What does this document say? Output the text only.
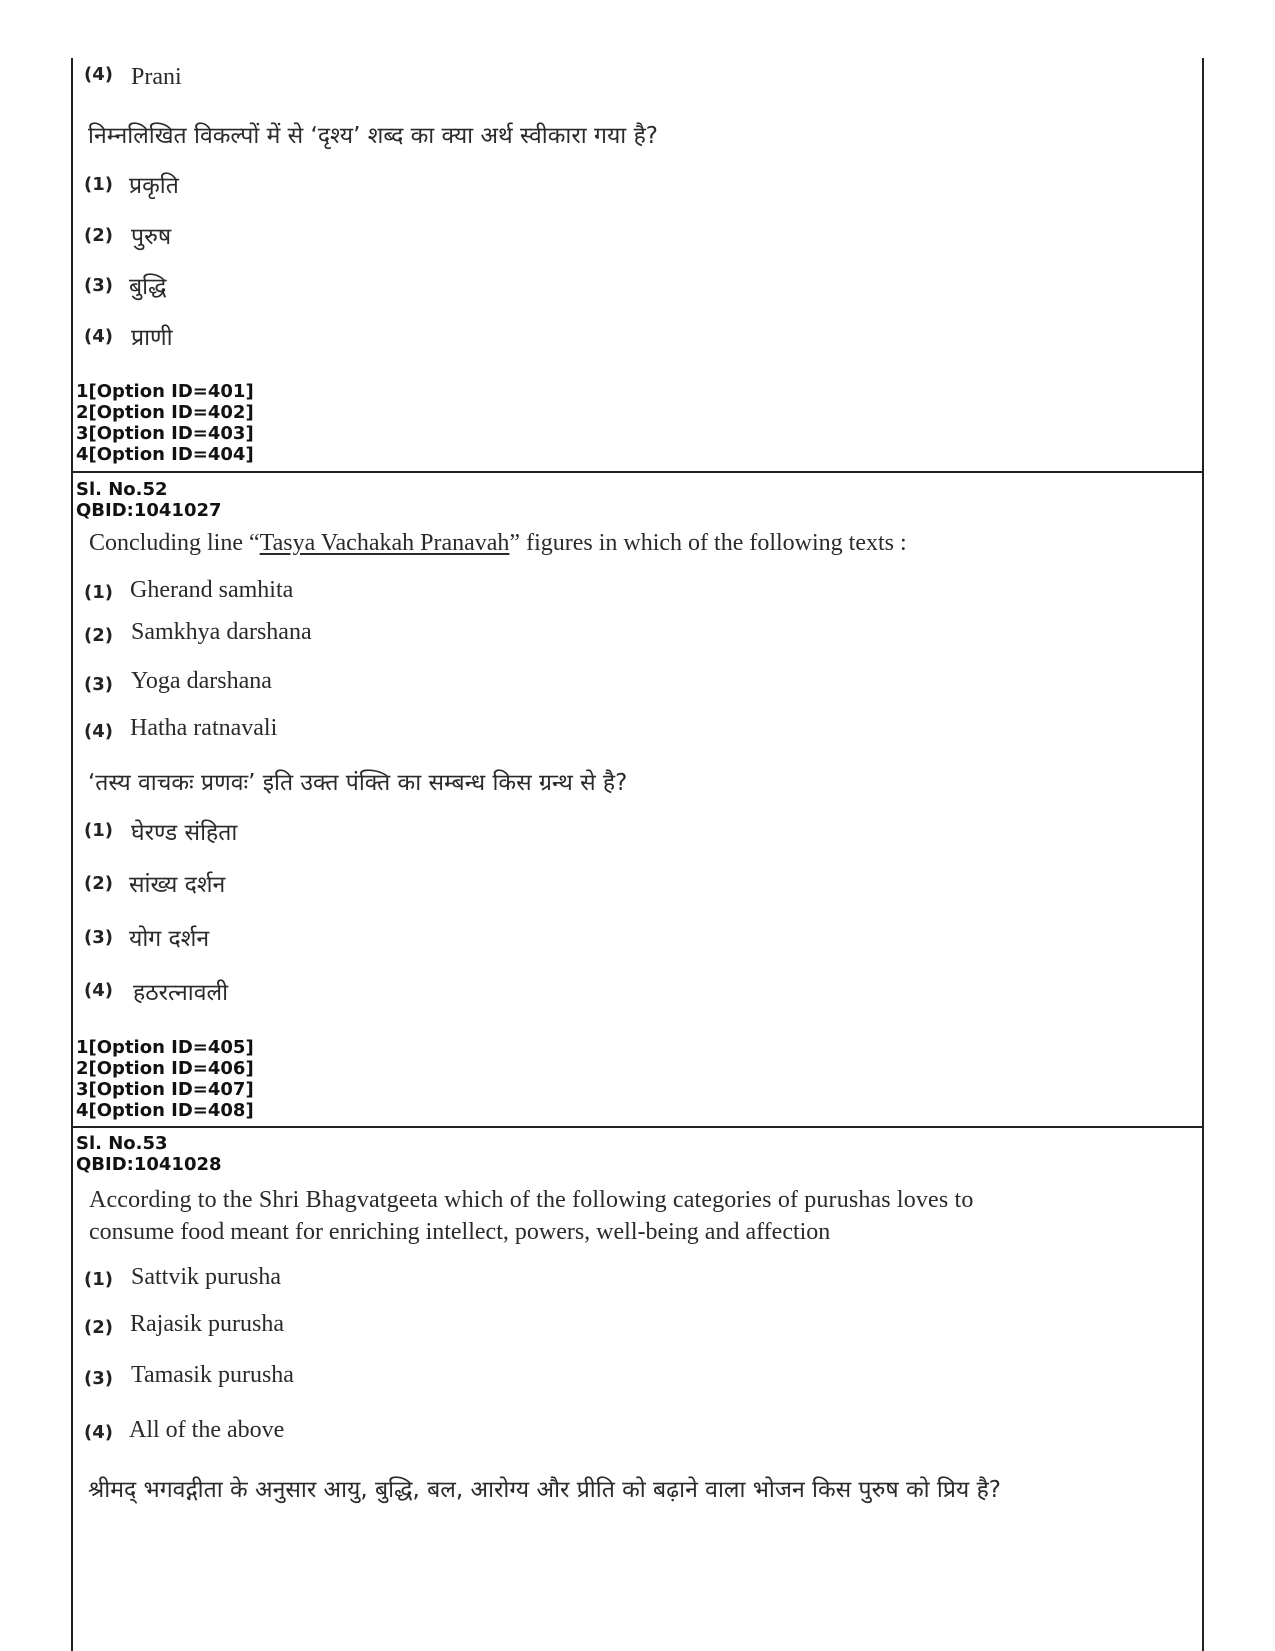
(4) Prani
निम्नलिखित विकल्पों में से ‘दृश्य’ शब्द का क्या अर्थ स्वीकारा गया है?
(1) प्रकृति
(2) पुरुष
(3) बुद्धि
(4) प्राणी
1[Option ID=401]
2[Option ID=402]
3[Option ID=403]
4[Option ID=404]
Sl. No.52
QBID:1041027
Concluding line “Tasya Vachakah Pranavah” figures in which of the following texts :
(1) Gherand samhita
(2) Samkhya darshana
(3) Yoga darshana
(4) Hatha ratnavali
‘तस्य वाचकः प्रणवः’ इति उक्त पंक्ति का सम्बन्ध किस ग्रन्थ से है?
(1) घेरण्ड संहिता
(2) सांख्य दर्शन
(3) योग दर्शन
(4) हठरत्नावली
1[Option ID=405]
2[Option ID=406]
3[Option ID=407]
4[Option ID=408]
Sl. No.53
QBID:1041028
According to the Shri Bhagvatgeeta which of the following categories of purushas loves to
consume food meant for enriching intellect, powers, well-being and affection
(1) Sattvik purusha
(2) Rajasik purusha
(3) Tamasik purusha
(4) All of the above
श्रीमद् भगवद्गीता के अनुसार आयु, बुद्धि, बल, आरोग्य और प्रीति को बढ़ाने वाला भोजन किस पुरुष को प्रिय है?
